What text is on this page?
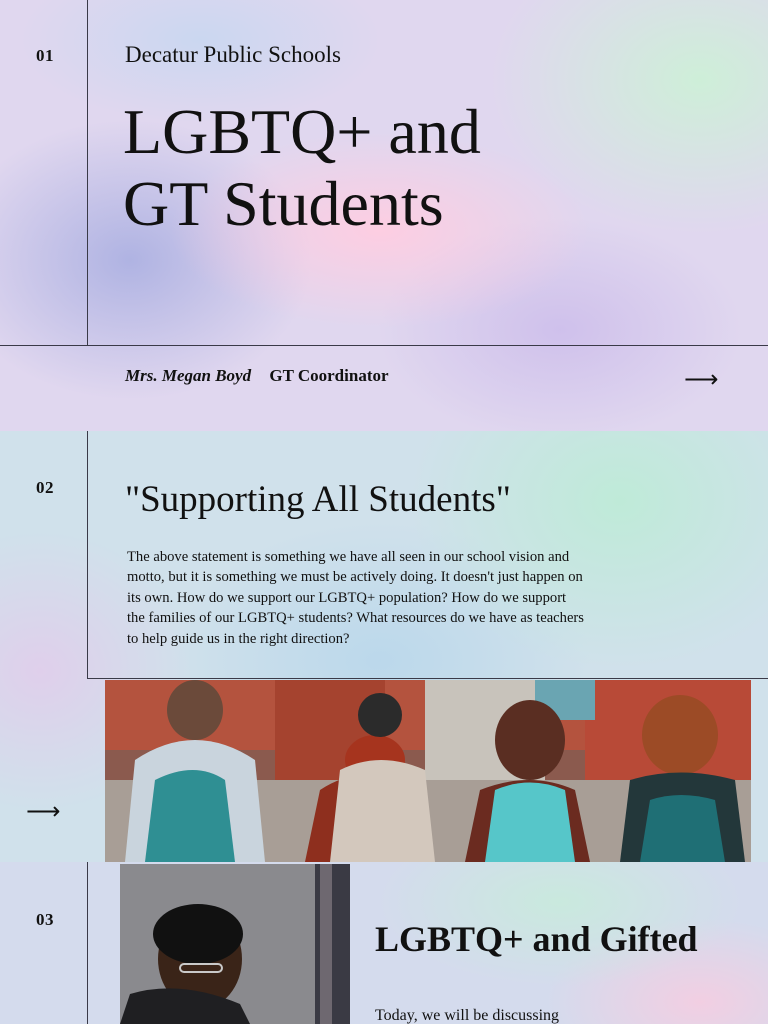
01	Decatur Public Schools
LGBTQ+ and
GT Students
Mrs. Megan Boyd GT Coordinator	⟶
02
⟶
"Supporting All Students"

The above statement is something we have all seen in our school vision and motto, but it is something we must be actively doing. It doesn't just happen on its own. How do we support our LGBTQ+ population? How do we support the families of our LGBTQ+ students? What resources do we have as teachers to help guide us in the right direction?

03	LGBTQ+ and Gifted
Today, we will be discussing
